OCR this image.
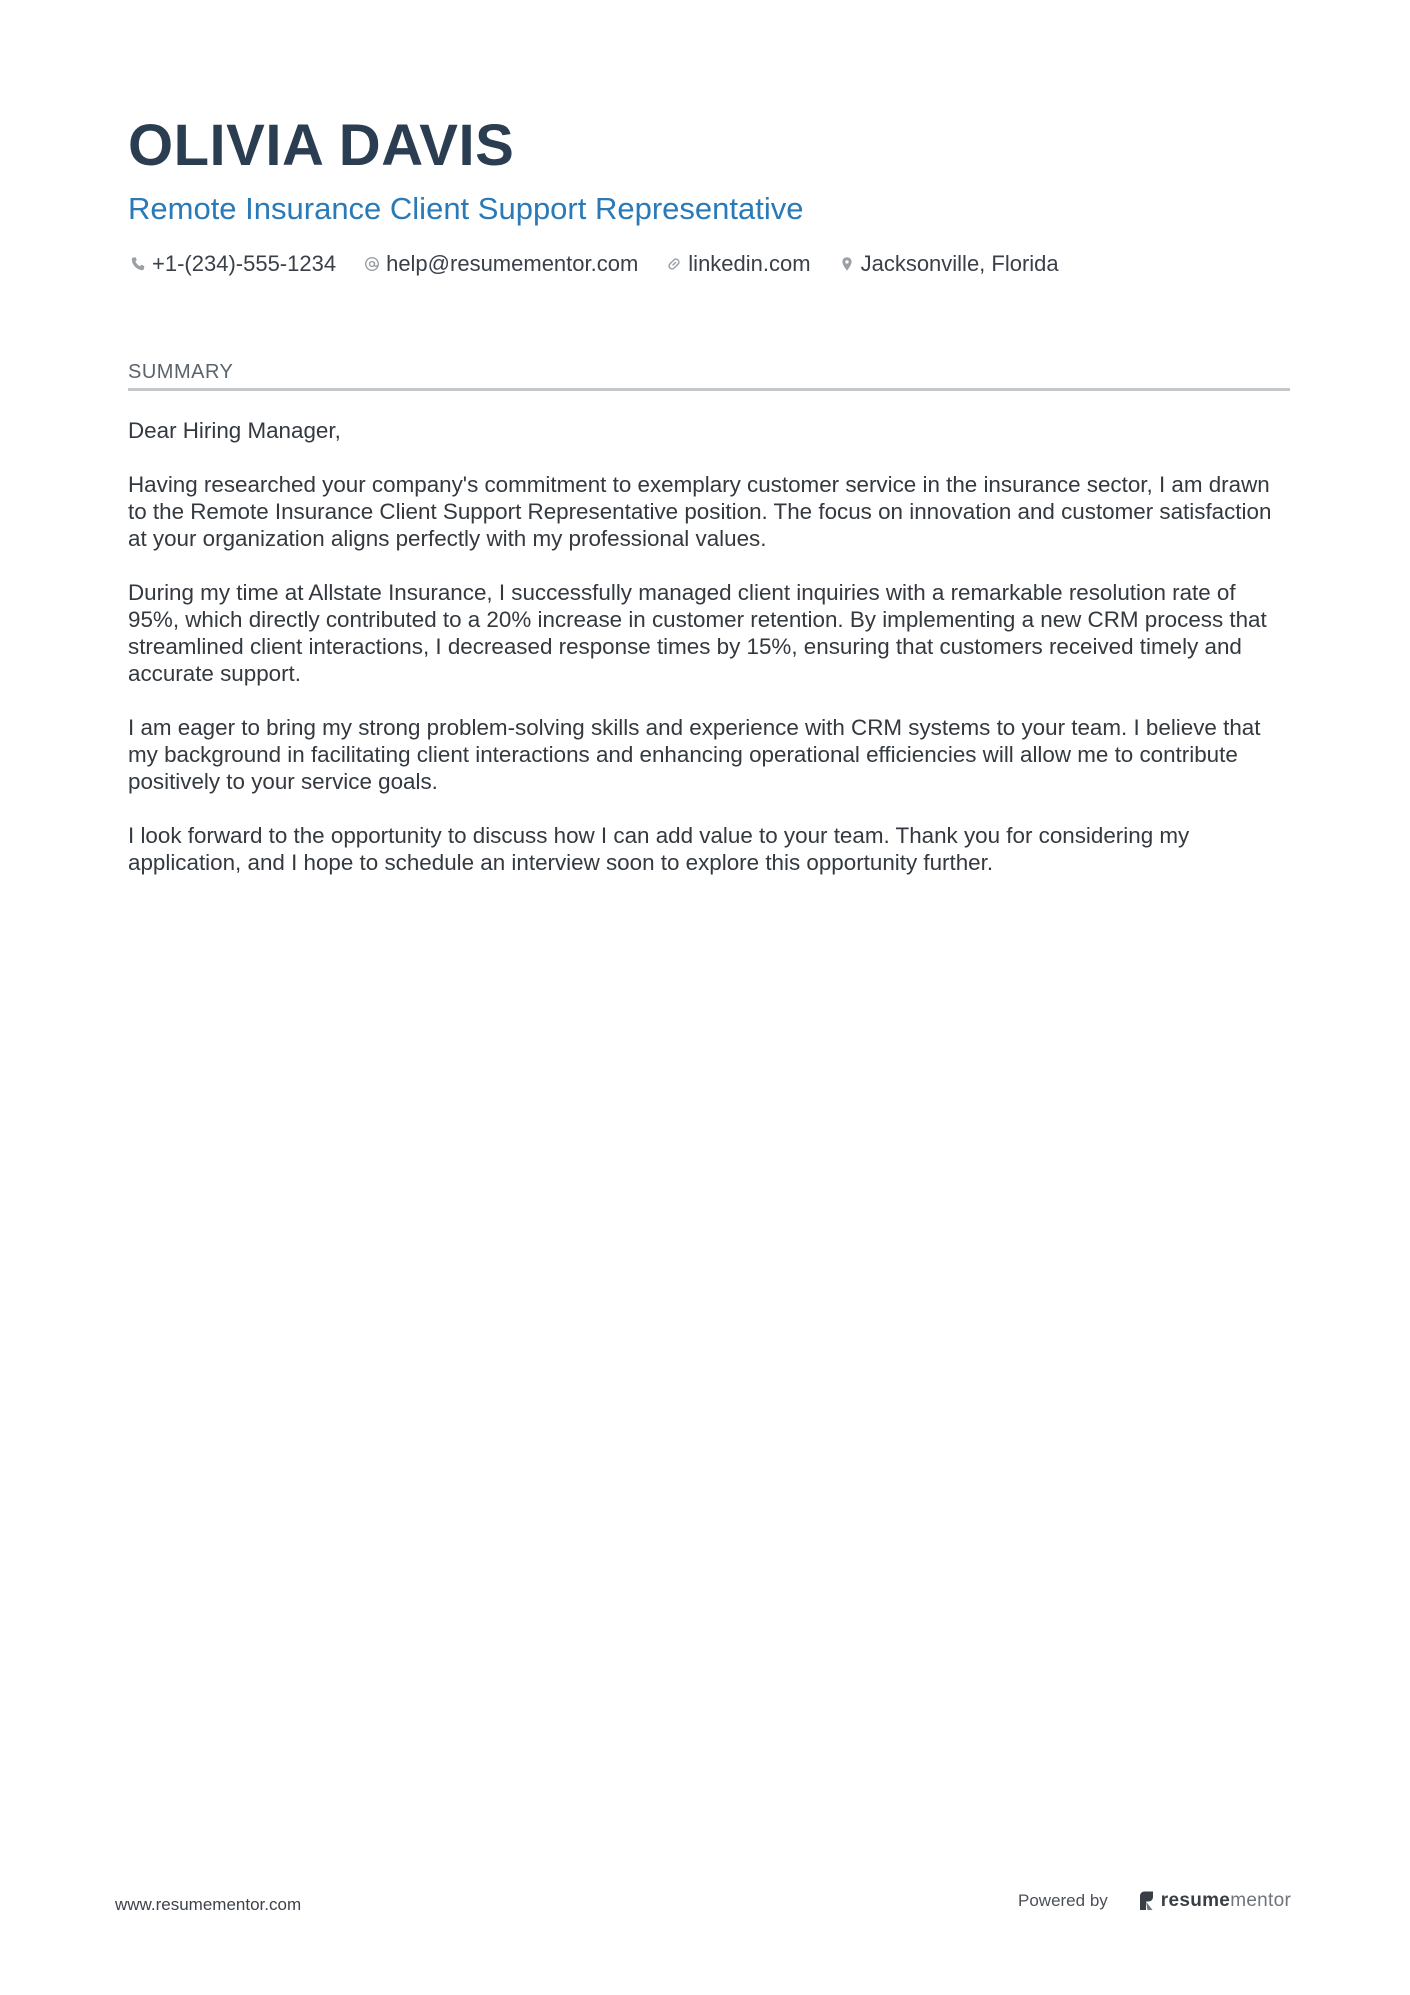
OLIVIA DAVIS
Remote Insurance Client Support Representative
+1-(234)-555-1234 help@resumementor.com linkedin.com Jacksonville, Florida
SUMMARY

Dear Hiring Manager,

Having researched your company's commitment to exemplary customer service in the insurance sector, I am drawn to the Remote Insurance Client Support Representative position. The focus on innovation and customer satisfaction at your organization aligns perfectly with my professional values.

During my time at Allstate Insurance, I successfully managed client inquiries with a remarkable resolution rate of 95%, which directly contributed to a 20% increase in customer retention. By implementing a new CRM process that streamlined client interactions, I decreased response times by 15%, ensuring that customers received timely and accurate support.

I am eager to bring my strong problem-solving skills and experience with CRM systems to your team. I believe that my background in facilitating client interactions and enhancing operational efficiencies will allow me to contribute positively to your service goals.

I look forward to the opportunity to discuss how I can add value to your team. Thank you for considering my application, and I hope to schedule an interview soon to explore this opportunity further.

www.resumementor.com	Powered by	resume mentor
